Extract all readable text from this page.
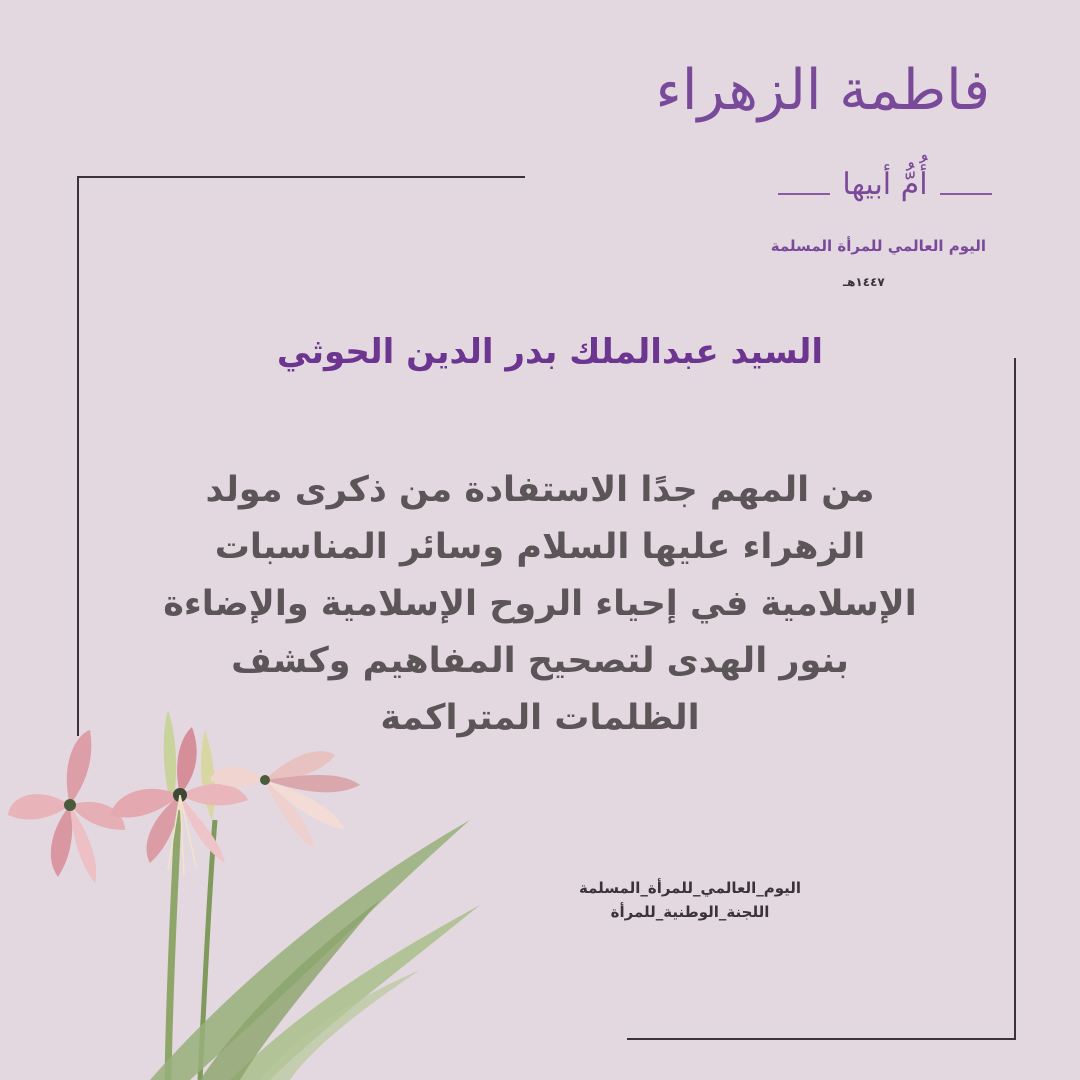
فاطمة الزهراء
أُمُّ أبيها
اليوم العالمي للمرأة المسلمة
١٤٤٧هـ
السيد عبدالملك بدر الدين الحوثي
من المهم جدًا الاستفادة من ذكرى مولد
الزهراء عليها السلام وسائر المناسبات
الإسلامية في إحياء الروح الإسلامية والإضاءة
بنور الهدى لتصحيح المفاهيم وكشف
الظلمات المتراكمة
اليوم_العالمي_للمرأة_المسلمة
اللجنة_الوطنية_للمرأة
